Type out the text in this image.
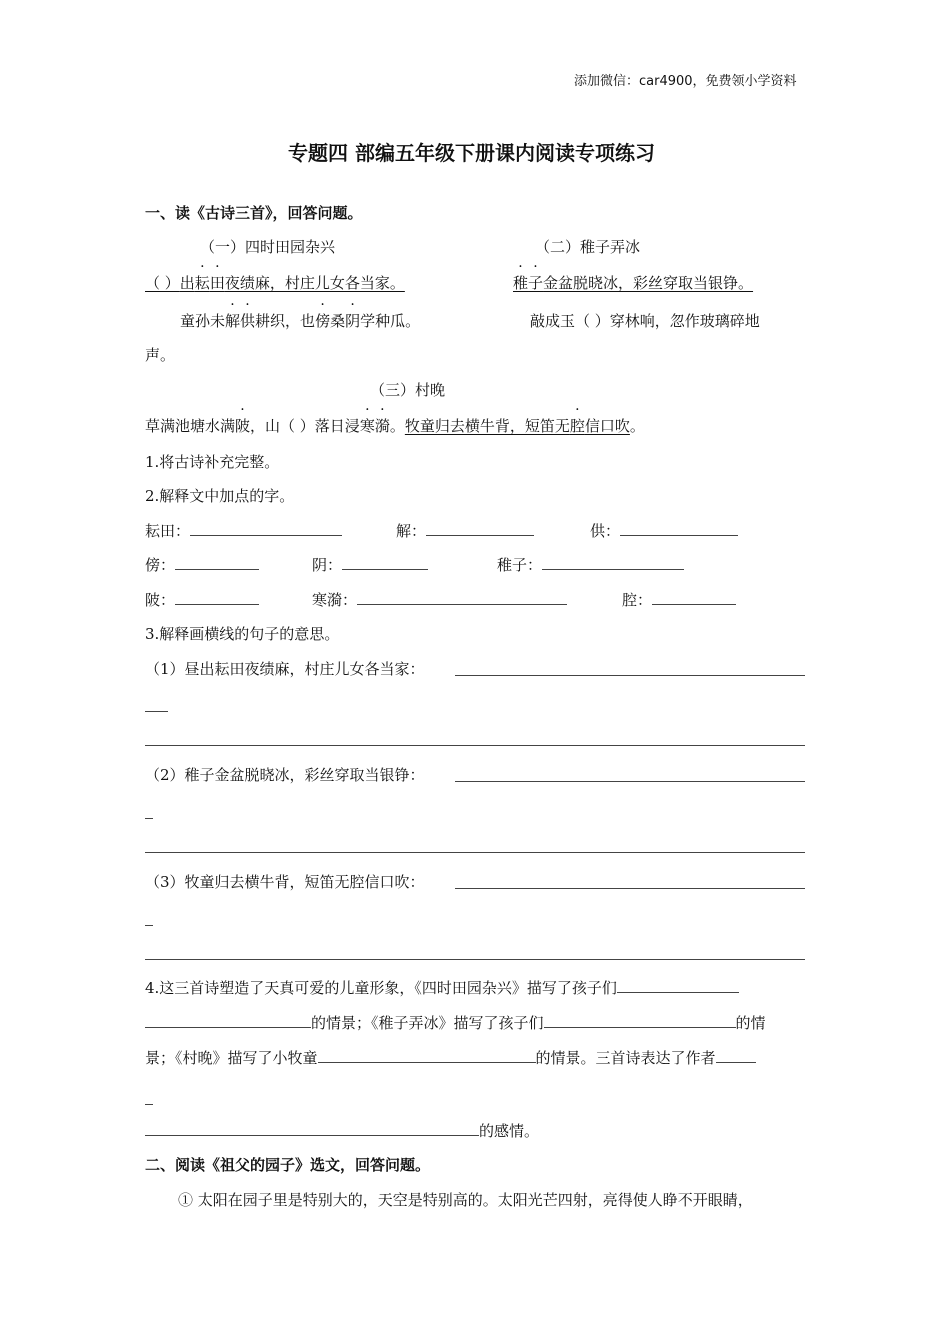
添加微信：car4900，免费领小学资料
专题四 部编五年级下册课内阅读专项练习
一、读《古诗三首》，回答问题。
（一）四时田园杂兴	（二）稚子弄冰
（ ）出耘田夜绩麻，村庄儿女各当家。	稚子金盆脱晓冰，彩丝穿取当银铮。
童孙未解供耕织，也傍桑阴学种瓜。	敲成玉（ ）穿林响，忽作玻璃碎地
声。
（三）村晚
草满池塘水满陂，山（ ）落日浸寒漪。牧童归去横牛背，短笛无腔信口吹。
1.将古诗补充完整。
2.解释文中加点的字。
耘田：	解：	供：
傍：	阴：	稚子：
陂：	寒漪：	腔：
3.解释画横线的句子的意思。
（1）昼出耘田夜绩麻，村庄儿女各当家：
（2）稚子金盆脱晓冰，彩丝穿取当银铮：
（3）牧童归去横牛背，短笛无腔信口吹：
4.这三首诗塑造了天真可爱的儿童形象，《四时田园杂兴》描写了孩子们
的情景；《稚子弄冰》描写了孩子们	的情
景；《村晚》描写了小牧童	的情景。三首诗表达了作者
的感情。
二、阅读《祖父的园子》选文，回答问题。
① 太阳在园子里是特别大的，天空是特别高的。太阳光芒四射，亮得使人睁不开眼睛，
